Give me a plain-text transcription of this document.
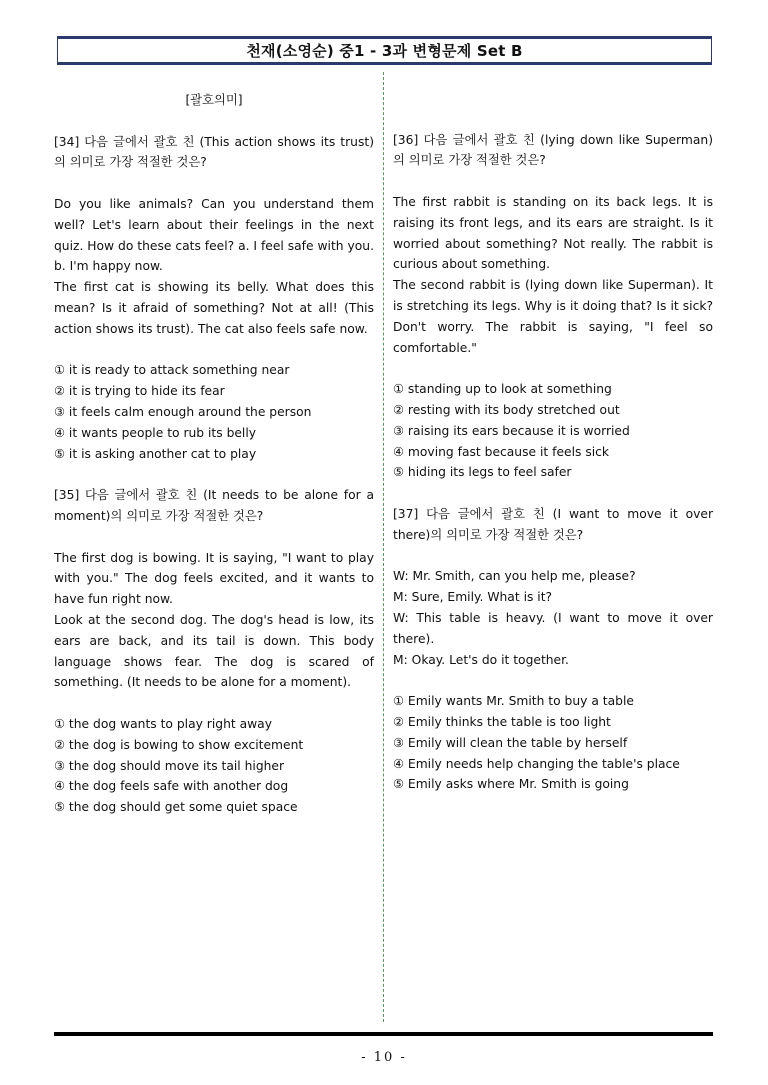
천재(소영순) 중1 - 3과 변형문제 Set B

[괄호의미]

[34] 다음 글에서 괄호 친 (This action shows its trust)의 의미로 가장 적절한 것은?

Do you like animals? Can you understand them well? Let's learn about their feelings in the next quiz. How do these cats feel? a. I feel safe with you.

b. I'm happy now.

The first cat is showing its belly. What does this mean? Is it afraid of something? Not at all! (This action shows its trust). The cat also feels safe now.

① it is ready to attack something near

② it is trying to hide its fear

③ it feels calm enough around the person

④ it wants people to rub its belly

⑤ it is asking another cat to play

[35] 다음 글에서 괄호 친 (It needs to be alone for a moment)의 의미로 가장 적절한 것은?

The first dog is bowing. It is saying, "I want to play with you." The dog feels excited, and it wants to have fun right now.

Look at the second dog. The dog's head is low, its ears are back, and its tail is down. This body language shows fear. The dog is scared of something. (It needs to be alone for a moment).

① the dog wants to play right away

② the dog is bowing to show excitement

③ the dog should move its tail higher

④ the dog feels safe with another dog

⑤ the dog should get some quiet space

[36] 다음 글에서 괄호 친 (lying down like Superman)의 의미로 가장 적절한 것은?

The first rabbit is standing on its back legs. It is raising its front legs, and its ears are straight. Is it worried about something? Not really. The rabbit is curious about something.

The second rabbit is (lying down like Superman). It is stretching its legs. Why is it doing that? Is it sick? Don't worry. The rabbit is saying, "I feel so comfortable."

① standing up to look at something

② resting with its body stretched out

③ raising its ears because it is worried

④ moving fast because it feels sick

⑤ hiding its legs to feel safer

[37] 다음 글에서 괄호 친 (I want to move it over there)의 의미로 가장 적절한 것은?

W: Mr. Smith, can you help me, please?

M: Sure, Emily. What is it?

W: This table is heavy. (I want to move it over there).

M: Okay. Let's do it together.

① Emily wants Mr. Smith to buy a table

② Emily thinks the table is too light

③ Emily will clean the table by herself

④ Emily needs help changing the table's place

⑤ Emily asks where Mr. Smith is going

- 10 -
